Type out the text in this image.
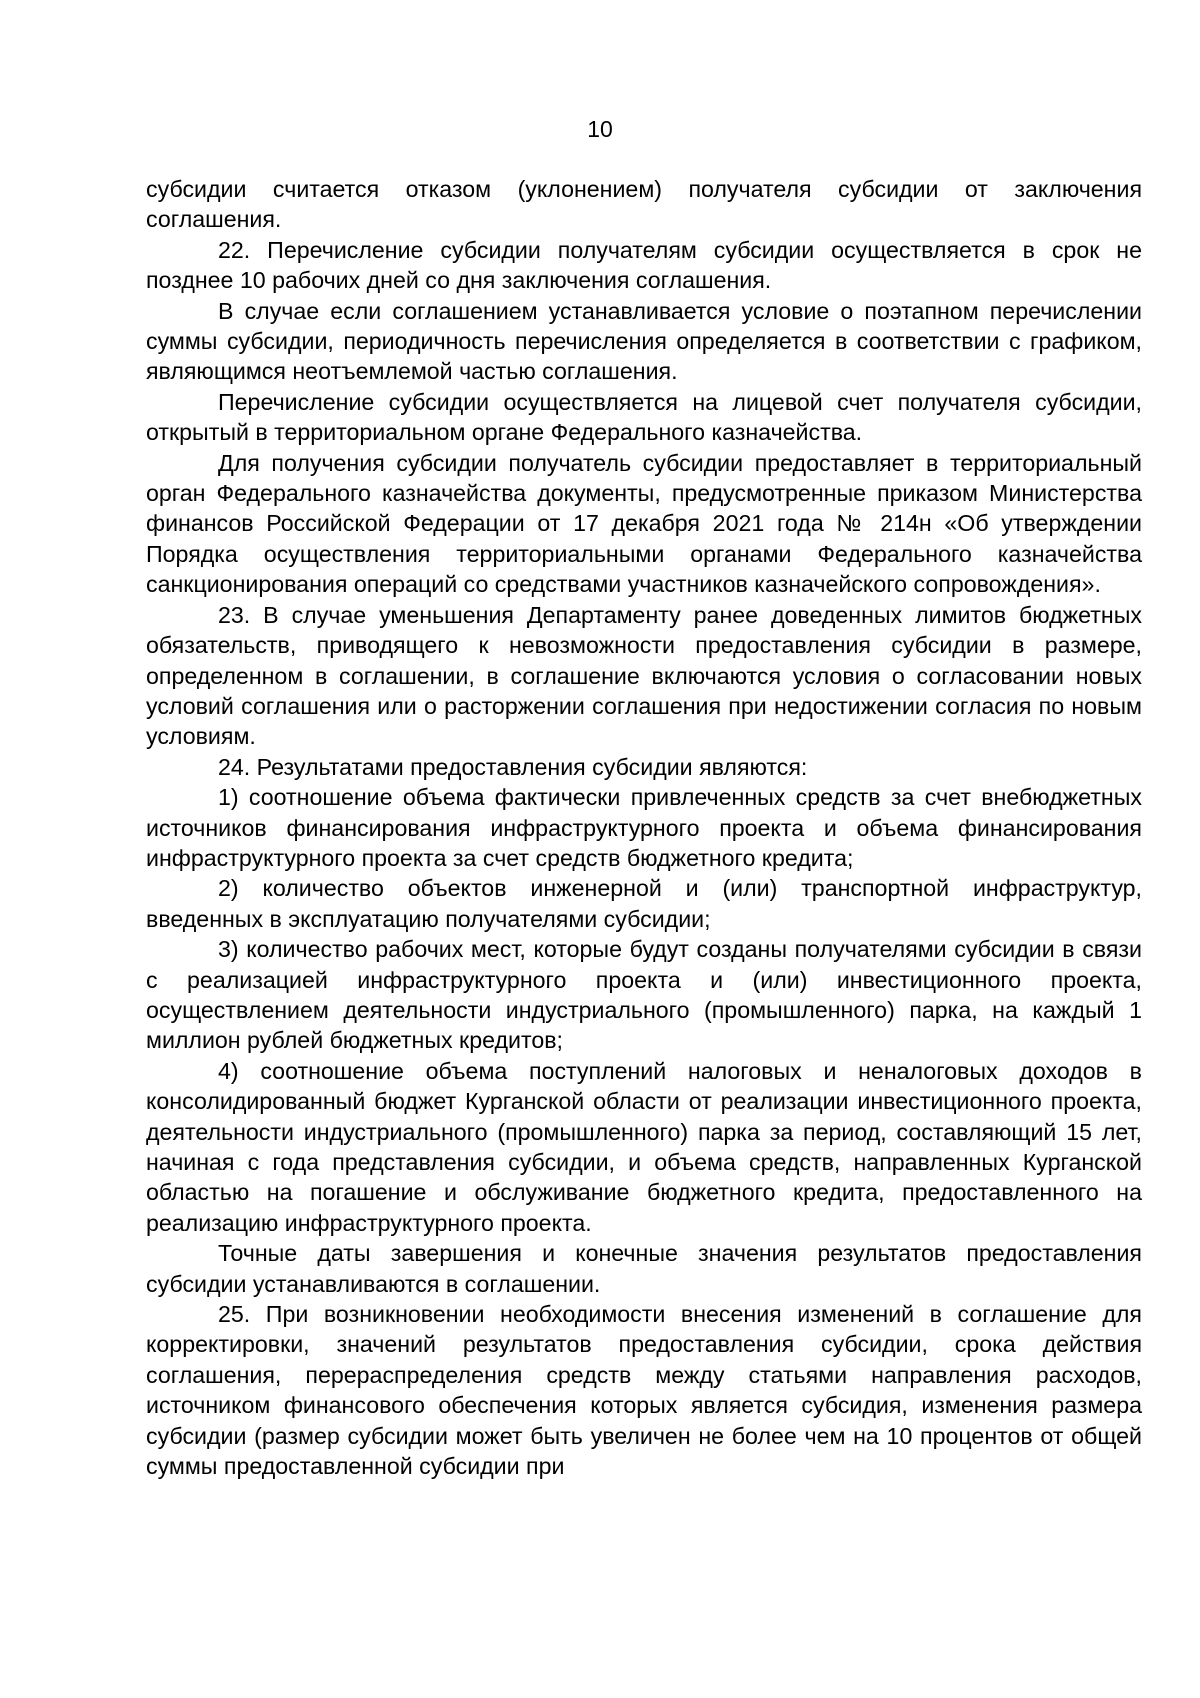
10

субсидии считается отказом (уклонением) получателя субсидии от заключения соглашения.

22. Перечисление субсидии получателям субсидии осуществляется в срок не позднее 10 рабочих дней со дня заключения соглашения.

В случае если соглашением устанавливается условие о поэтапном перечислении суммы субсидии, периодичность перечисления определяется в соответствии с графиком, являющимся неотъемлемой частью соглашения.

Перечисление субсидии осуществляется на лицевой счет получателя субсидии, открытый в территориальном органе Федерального казначейства.

Для получения субсидии получатель субсидии предоставляет в территориальный орган Федерального казначейства документы, предусмотренные приказом Министерства финансов Российской Федерации от 17 декабря 2021 года № 214н «Об утверждении Порядка осуществления территориальными органами Федерального казначейства санкционирования операций со средствами участников казначейского сопровождения».

23. В случае уменьшения Департаменту ранее доведенных лимитов бюджетных обязательств, приводящего к невозможности предоставления субсидии в размере, определенном в соглашении, в соглашение включаются условия о согласовании новых условий соглашения или о расторжении соглашения при недостижении согласия по новым условиям.

24. Результатами предоставления субсидии являются:

1) соотношение объема фактически привлеченных средств за счет внебюджетных источников финансирования инфраструктурного проекта и объема финансирования инфраструктурного проекта за счет средств бюджетного кредита;

2) количество объектов инженерной и (или) транспортной инфраструктур, введенных в эксплуатацию получателями субсидии;

3) количество рабочих мест, которые будут созданы получателями субсидии в связи с реализацией инфраструктурного проекта и (или) инвестиционного проекта, осуществлением деятельности индустриального (промышленного) парка, на каждый 1 миллион рублей бюджетных кредитов;

4) соотношение объема поступлений налоговых и неналоговых доходов в консолидированный бюджет Курганской области от реализации инвестиционного проекта, деятельности индустриального (промышленного) парка за период, составляющий 15 лет, начиная с года представления субсидии, и объема средств, направленных Курганской областью на погашение и обслуживание бюджетного кредита, предоставленного на реализацию инфраструктурного проекта.

Точные даты завершения и конечные значения результатов предоставления субсидии устанавливаются в соглашении.

25. При возникновении необходимости внесения изменений в соглашение для корректировки, значений результатов предоставления субсидии, срока действия соглашения, перераспределения средств между статьями направления расходов, источником финансового обеспечения которых является субсидия, изменения размера субсидии (размер субсидии может быть увеличен не более чем на 10 процентов от общей суммы предоставленной субсидии при
